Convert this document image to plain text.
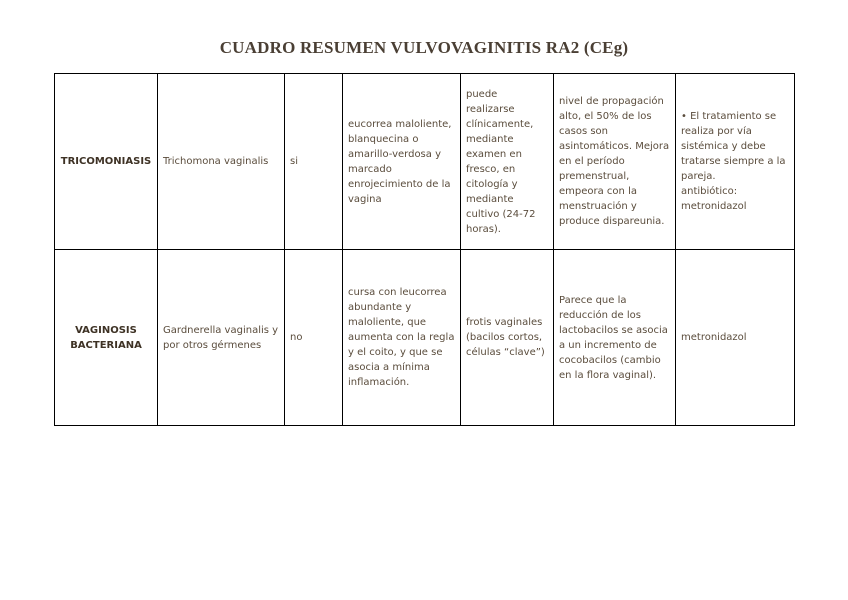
CUADRO RESUMEN VULVOVAGINITIS RA2 (CEg)
TRICOMONIASIS	Trichomona vaginalis	si	eucorrea maloliente, blanquecina o amarillo-verdosa y marcado enrojecimiento de la vagina	puede realizarse clínicamente, mediante examen en fresco, en citología y mediante cultivo (24-72 horas).	nivel de propagación alto, el 50% de los casos son asintomáticos. Mejora en el período premenstrual, empeora con la menstruación y produce dispareunia.	• El tratamiento se realiza por vía sistémica y debe tratarse siempre a la pareja.
antibiótico: metronidazol

VAGINOSIS BACTERIANA	Gardnerella vaginalis y por otros gérmenes	no	cursa con leucorrea abundante y maloliente, que aumenta con la regla y el coito, y que se asocia a mínima inflamación.	frotis vaginales (bacilos cortos, células “clave”)	Parece que la reducción de los lactobacilos se asocia a un incremento de cocobacilos (cambio en la flora vaginal).	metronidazol
